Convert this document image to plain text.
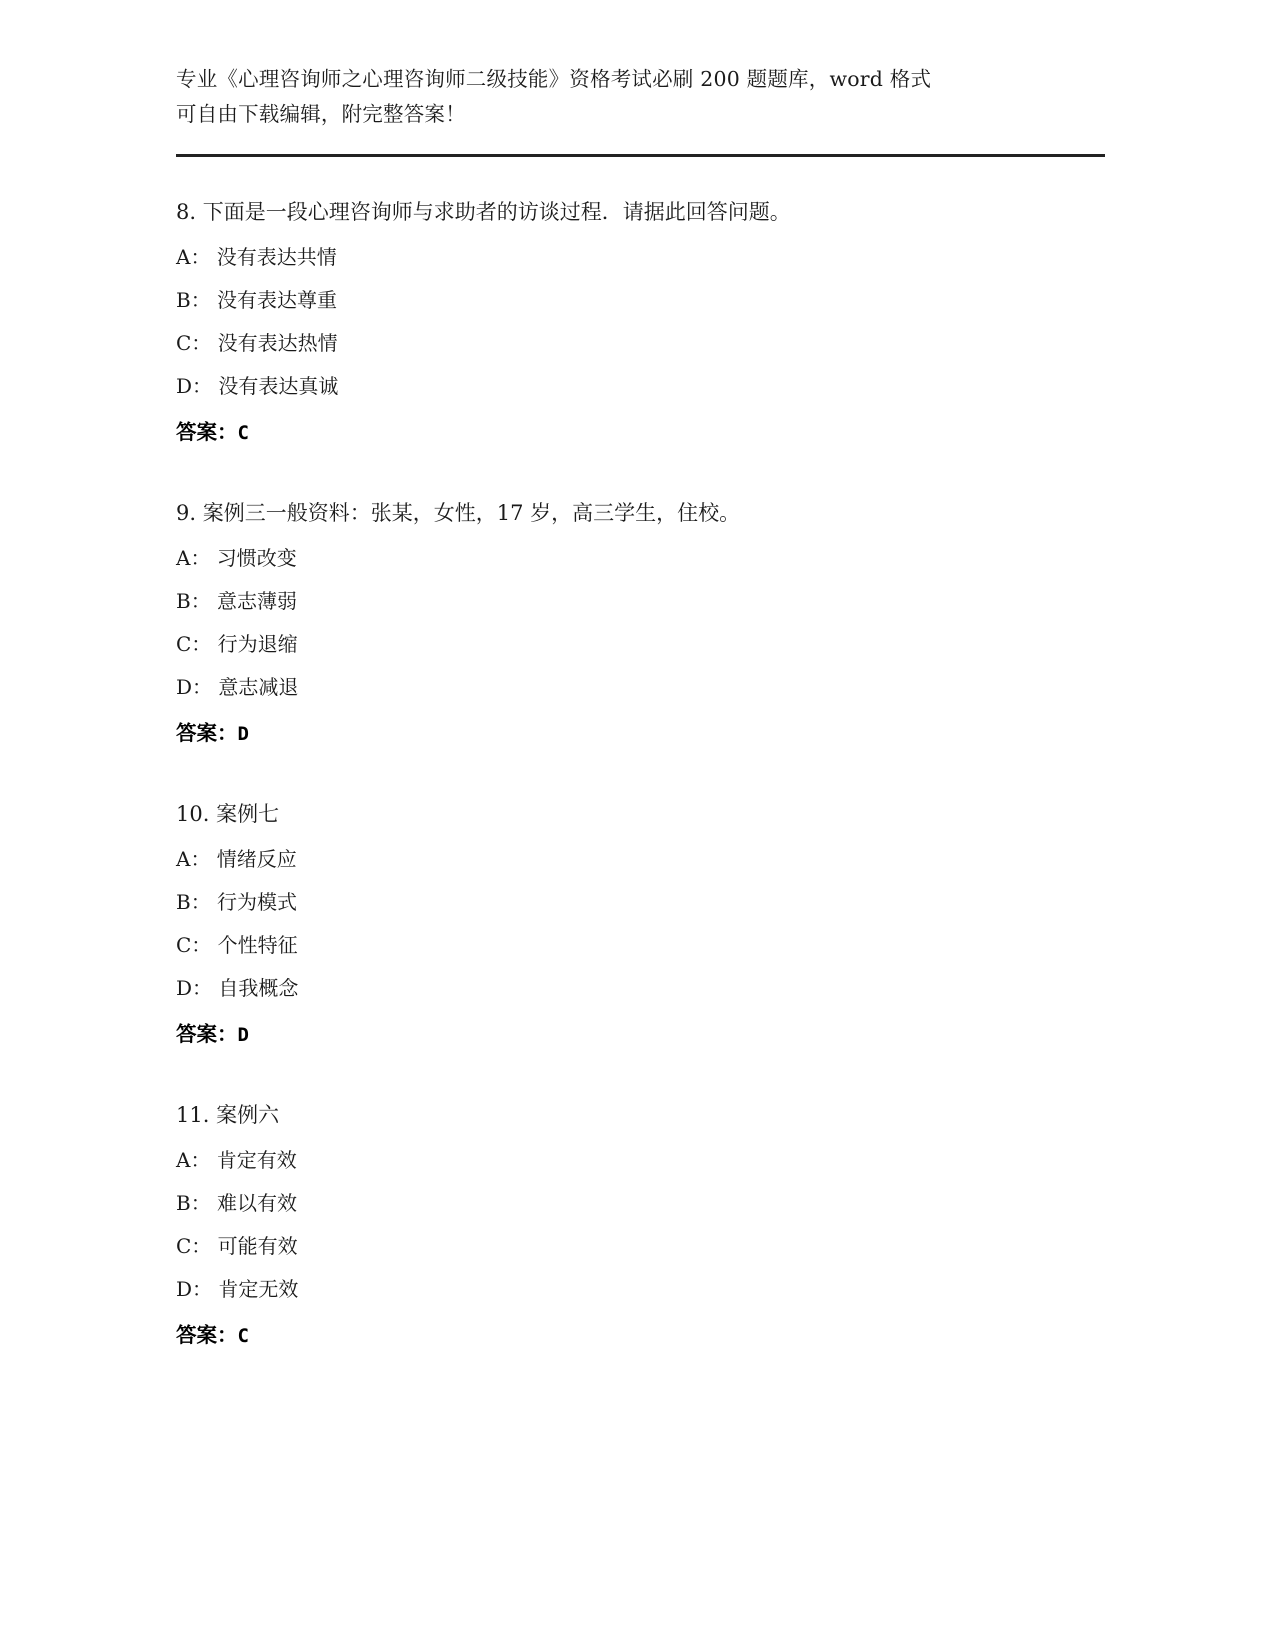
专业《心理咨询师之心理咨询师二级技能》资格考试必刷 200 题题库，word 格式
可自由下载编辑，附完整答案！
8. 下面是一段心理咨询师与求助者的访谈过程．请据此回答问题。
A： 没有表达共情
B： 没有表达尊重
C： 没有表达热情
D： 没有表达真诚
答案：C
9. 案例三一般资料：张某，女性，17 岁，高三学生，住校。
A： 习惯改变
B： 意志薄弱
C： 行为退缩
D： 意志减退
答案：D
10. 案例七
A： 情绪反应
B： 行为模式
C： 个性特征
D： 自我概念
答案：D
11. 案例六
A： 肯定有效
B： 难以有效
C： 可能有效
D： 肯定无效
答案：C
